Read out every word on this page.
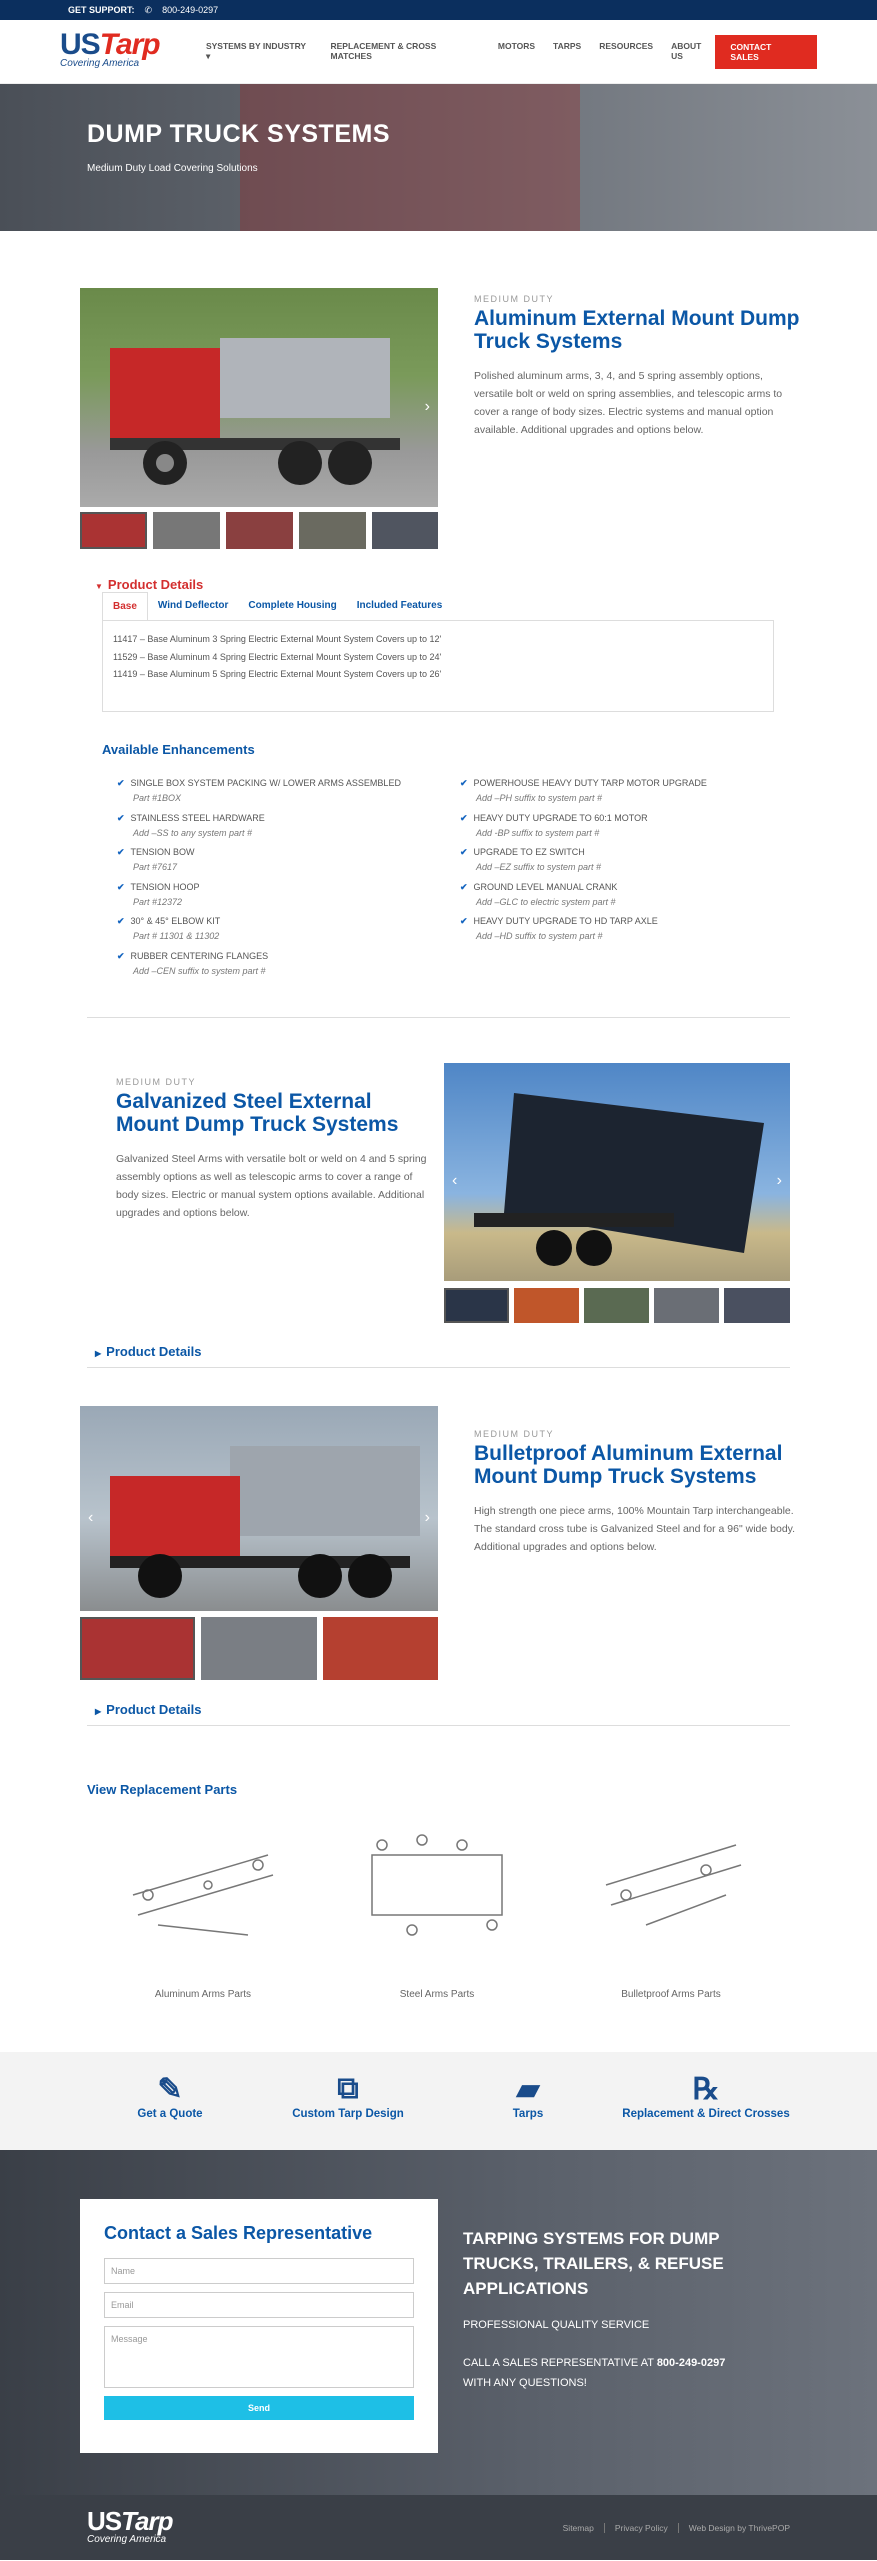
GET SUPPORT: ✆ 800-249-0297
USTarp
Covering America
SYSTEMS BY INDUSTRY ▾
REPLACEMENT & CROSS MATCHES
MOTORS TARPS RESOURCES ABOUT US
CONTACT SALES
DUMP TRUCK SYSTEMS

Medium Duty Load Covering Solutions

›
MEDIUM DUTY
Aluminum External Mount Dump Truck Systems
Polished aluminum arms, 3, 4, and 5 spring assembly options, versatile bolt or weld on spring assemblies, and telescopic arms to cover a range of body sizes. Electric systems and manual option available. Additional upgrades and options below.
▼ Product Details
Base	Wind Deflector	Complete Housing	Included Features
11417 – Base Aluminum 3 Spring Electric External Mount System Covers up to 12'
11529 – Base Aluminum 4 Spring Electric External Mount System Covers up to 24'
11419 – Base Aluminum 5 Spring Electric External Mount System Covers up to 26'
Available Enhancements
✔ SINGLE BOX SYSTEM PACKING W/ LOWER ARMS ASSEMBLED
Part #1BOX
✔ STAINLESS STEEL HARDWARE
Add –SS to any system part #
✔ TENSION BOW
Part #7617
✔ TENSION HOOP
Part #12372
✔ 30° & 45° ELBOW KIT
Part # 11301 & 11302
✔ RUBBER CENTERING FLANGES
Add –CEN suffix to system part #
✔ POWERHOUSE HEAVY DUTY TARP MOTOR UPGRADE
Add –PH suffix to system part #
✔ HEAVY DUTY UPGRADE TO 60:1 MOTOR
Add -BP suffix to system part #
✔ UPGRADE TO EZ SWITCH
Add –EZ suffix to system part #
✔ GROUND LEVEL MANUAL CRANK
Add –GLC to electric system part #
✔ HEAVY DUTY UPGRADE TO HD TARP AXLE
Add –HD suffix to system part #
MEDIUM DUTY
Galvanized Steel External Mount Dump Truck Systems
Galvanized Steel Arms with versatile bolt or weld on 4 and 5 spring assembly options as well as telescopic arms to cover a range of body sizes. Electric or manual system options available. Additional upgrades and options below.
‹	›
▶ Product Details
‹	›
MEDIUM DUTY
Bulletproof Aluminum External Mount Dump Truck Systems
High strength one piece arms, 100% Mountain Tarp interchangeable. The standard cross tube is Galvanized Steel and for a 96" wide body. Additional upgrades and options below.
▶ Product Details
View Replacement Parts
Aluminum Arms Parts	Steel Arms Parts	Bulletproof Arms Parts
✎
Get a Quote
⧉
Custom Tarp Design
▰
Tarps
℞
Replacement & Direct Crosses
Contact a Sales Representative
Name
Email
Message
Send
TARPING SYSTEMS FOR DUMP TRUCKS, TRAILERS, & REFUSE APPLICATIONS

PROFESSIONAL QUALITY SERVICE

CALL A SALES REPRESENTATIVE AT 800-249-0297

WITH ANY QUESTIONS!

USTarp
Covering America
Sitemap	Privacy Policy	Web Design by ThrivePOP
